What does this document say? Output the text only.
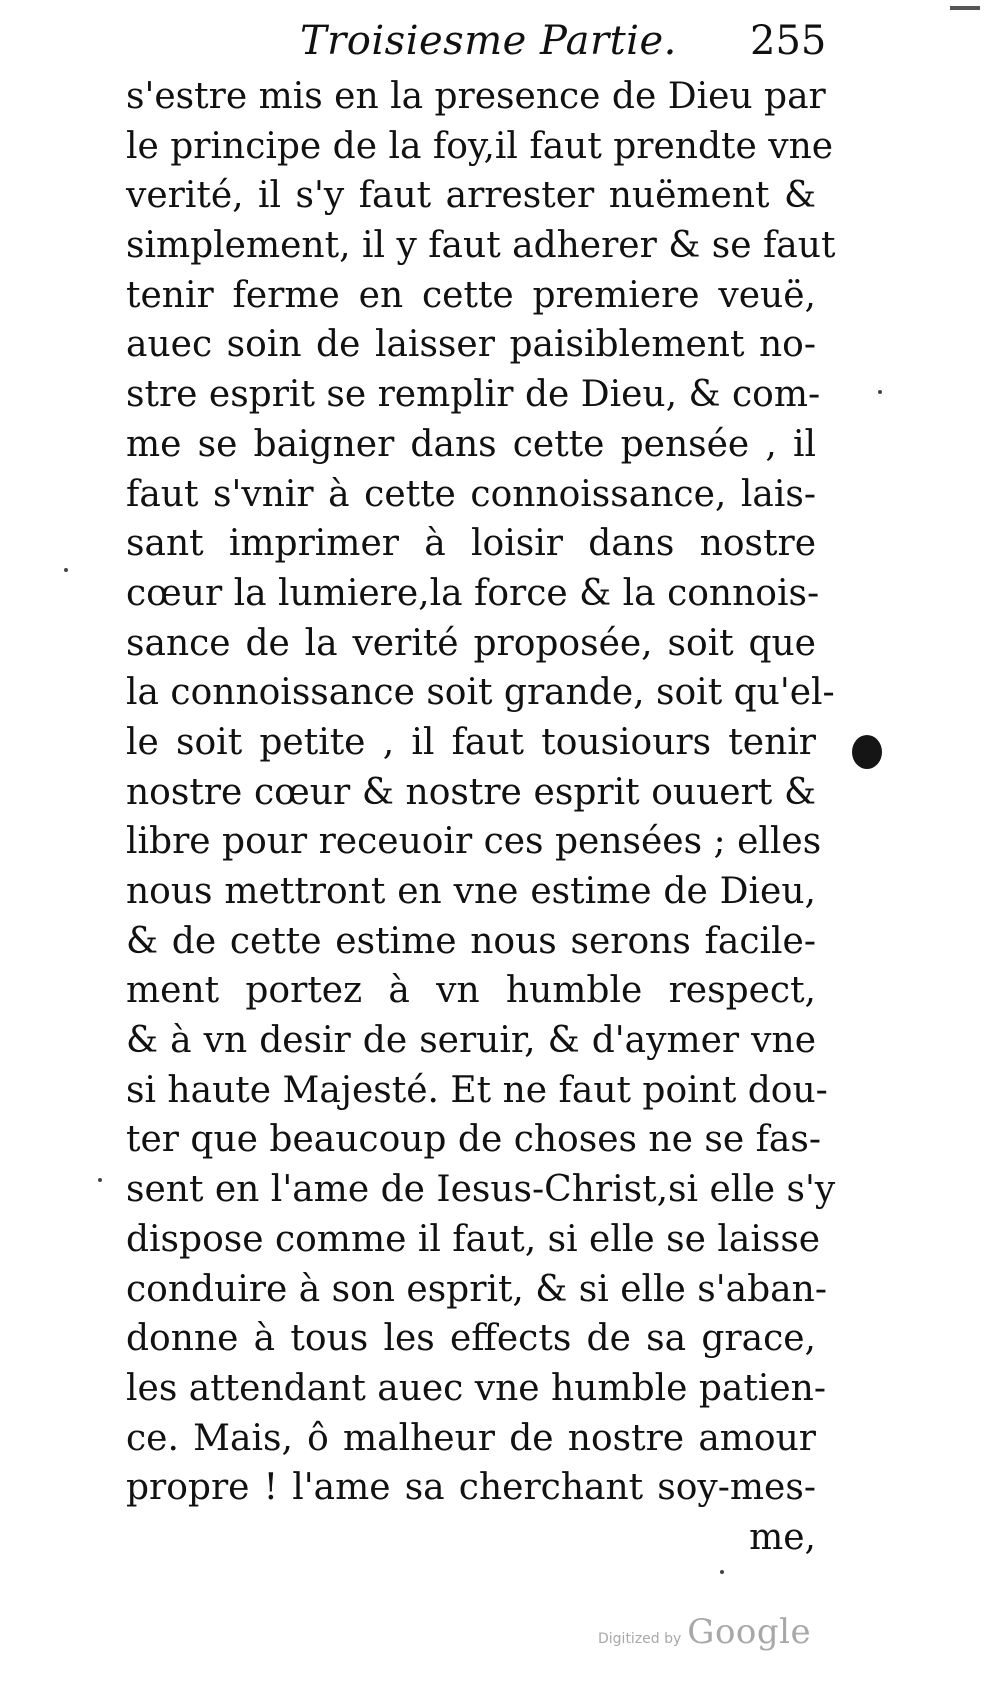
Troisiesme Partie. 255
s'estre mis en la presence de Dieu par
le principe de la foy,il faut prendte vne
verité, il s'y faut arrester nuëment &
simplement, il y faut adherer & se faut
tenir ferme en cette premiere veuë,
auec soin de laisser paisiblement no-
stre esprit se remplir de Dieu, & com-
me se baigner dans cette pensée , il
faut s'vnir à cette connoissance, lais-
sant imprimer à loisir dans nostre
cœur la lumiere,la force & la connois-
sance de la verité proposée, soit que
la connoissance soit grande, soit qu'el-
le soit petite , il faut tousiours tenir
nostre cœur & nostre esprit ouuert &
libre pour receuoir ces pensées ; elles
nous mettront en vne estime de Dieu,
& de cette estime nous serons facile-
ment portez à vn humble respect,
& à vn desir de seruir, & d'aymer vne
si haute Majesté. Et ne faut point dou-
ter que beaucoup de choses ne se fas-
sent en l'ame de Iesus-Christ,si elle s'y
dispose comme il faut, si elle se laisse
conduire à son esprit, & si elle s'aban-
donne à tous les effects de sa grace,
les attendant auec vne humble patien-
ce. Mais, ô malheur de nostre amour
propre ! l'ame sa cherchant soy-mes-
me,
Digitized by Google
